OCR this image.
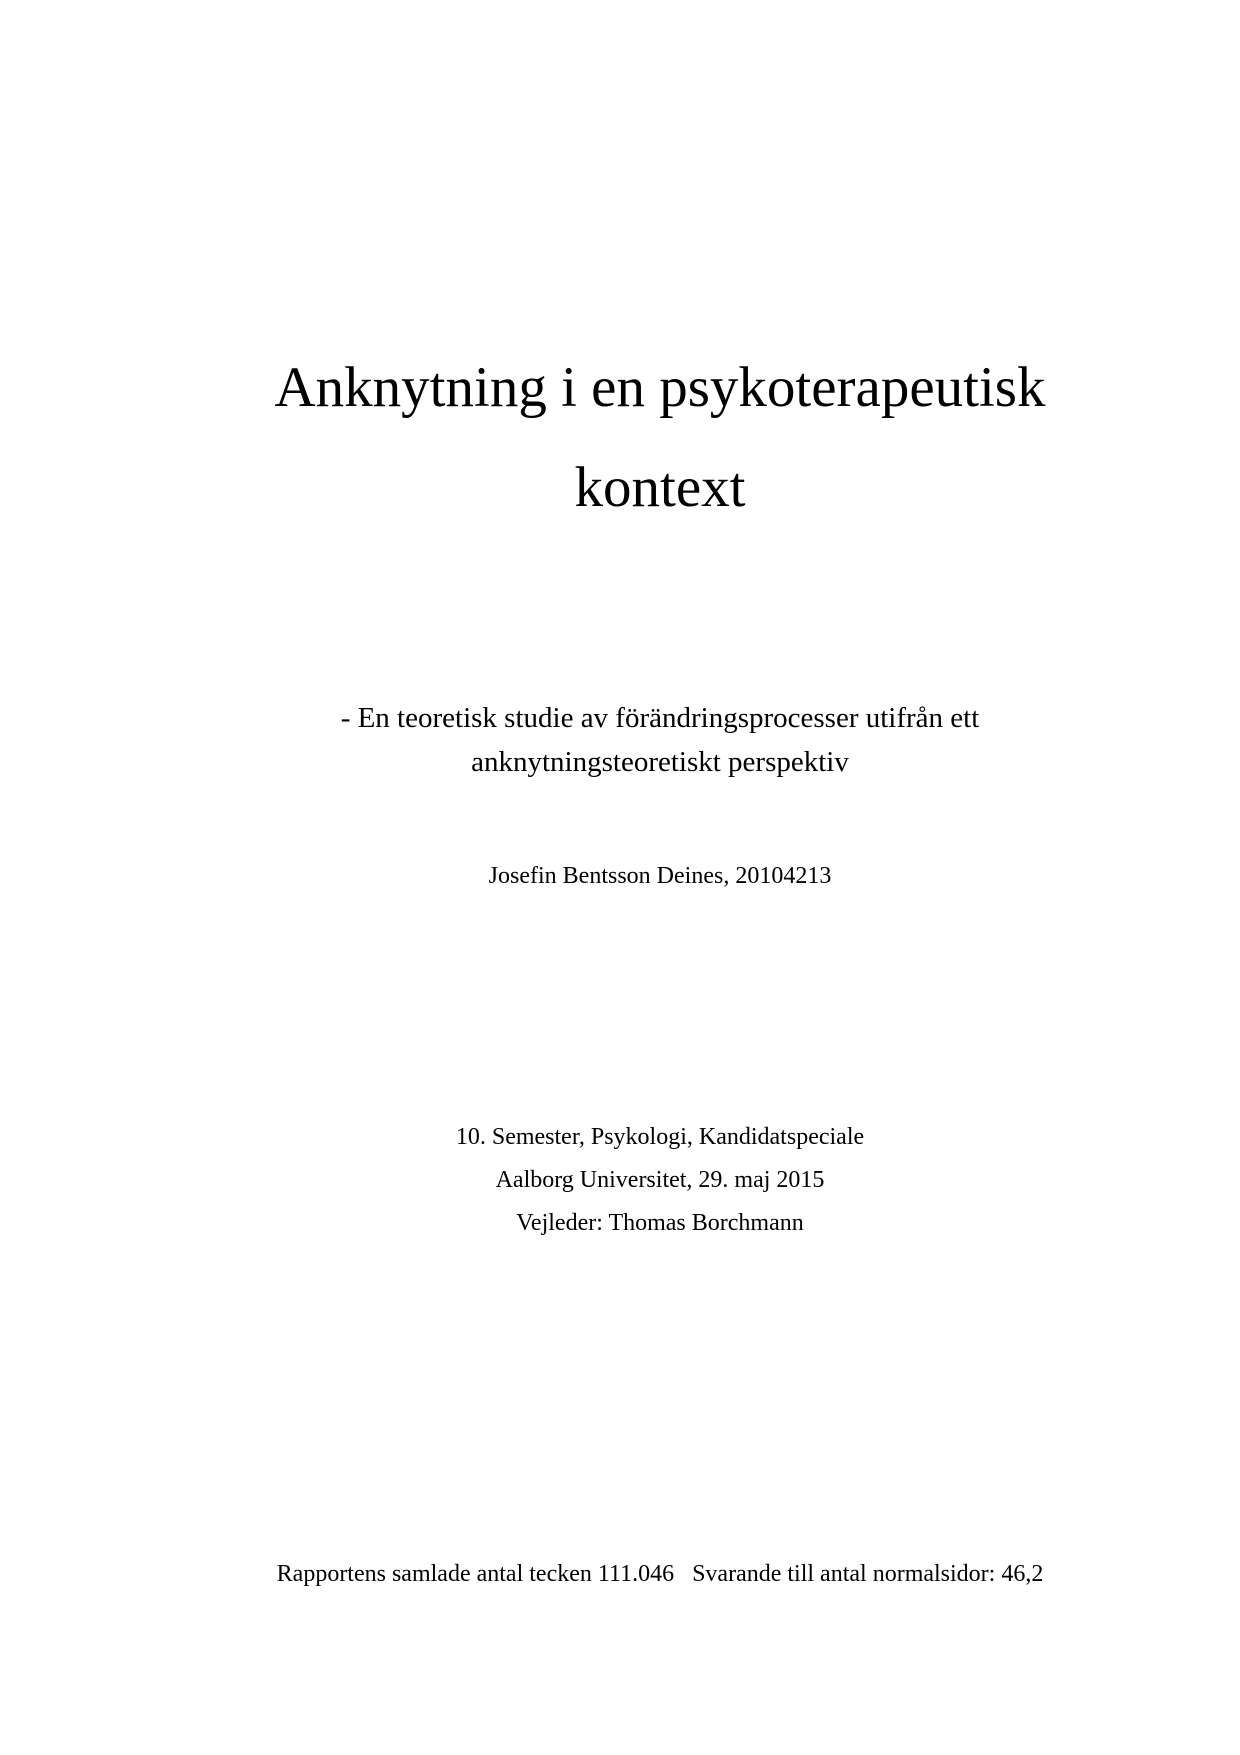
Anknytning i en psykoterapeutisk
kontext

- En teoretisk studie av förändringsprocesser utifrån ett
anknytningsteoretiskt perspektiv

Josefin Bentsson Deines, 20104213

10. Semester, Psykologi, Kandidatspeciale
Aalborg Universitet, 29. maj 2015
Vejleder: Thomas Borchmann

Rapportens samlade antal tecken 111.046   Svarande till antal normalsidor: 46,2
